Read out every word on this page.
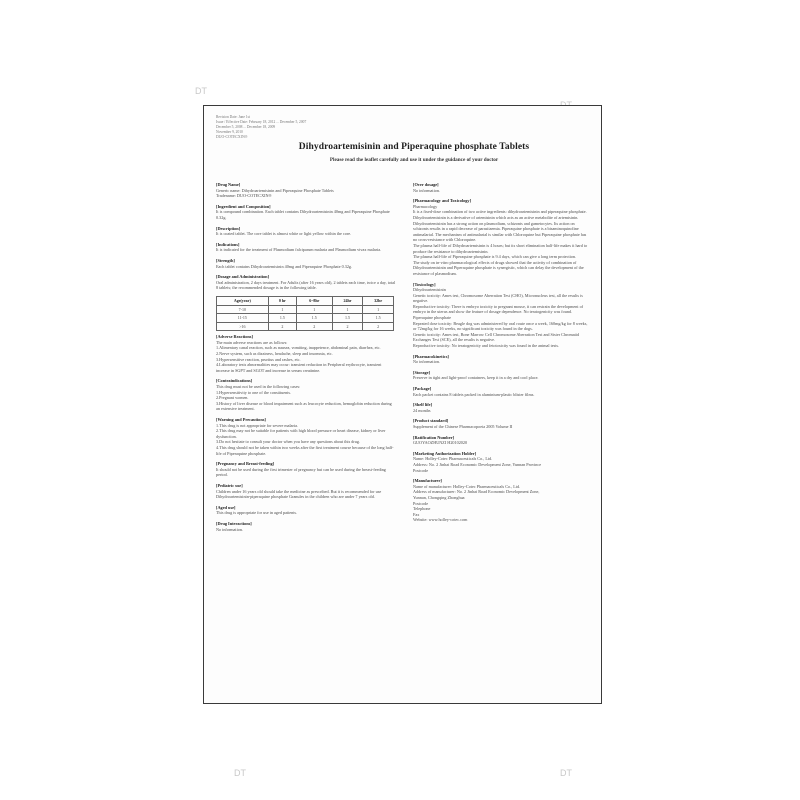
DT
DT	DT
Revision Date: June 1st
Issue / Effective Date: February 18, 2012 ... December 5, 2007
December 5, 2008 ... December 18, 2009
November 9, 2010
DUO-COTECXIN®
Dihydroartemisinin and Piperaquine phosphate Tablets
Please read the leaflet carefully and use it under the guidance of your doctor
[ Drug Name ]
Generic name: Dihydroartemisinin and Piperaquine Phosphate Tablets
Tradename: DUO-COTECXIN®
[ Ingredient and Composition ]
It is compound combination. Each tablet contains Dihydroartemisinin 40mg and Piperaquine Phosphate 0.32g.
[ Description ]
It is coated tablet. The core tablet is almost white or light yellow within the core.
[ Indications ]
It is indicated for the treatment of Plasmodium falciparum malaria and Plasmodium vivax malaria.
[ Strength ]
Each tablet contains Dihydroartemisinin 40mg and Piperaquine Phosphate 0.32g.
[ Dosage and Administration ]
Oral administration, 2 days treatment. For Adults (after 16 years old), 2 tablets each time, twice a day, total 8 tablets; the recommended dosage is in the following table.
Age(year)	0 hr	6~8hr	24hr	32hr
7-10	1	1	1	1
11-15	1.5	1.5	1.5	1.5
>16	2	2	2	2
[ Adverse Reactions ]
The main adverse reactions are as follows:
1.Alimentary canal reaction, such as nausea, vomiting, inappetence, abdominal pain, diarrhea, etc.
2.Nerve system, such as dizziness, headache, sleep and insomnia, etc.
3.Hypersensitive reaction, pruritus and rashes, etc.
4.Laboratory tests abnormalities may occur: transient reduction in Peripheral erythrocyte, transient increase in SGPT and SGOT and increase in serum creatinine.
[ Contraindications ]
This drug must not be used in the following cases:
1.Hypersensitivity to one of the constituents.
2.Pregnant women.
3.History of liver disease or blood impairment such as leucocyte reduction, hemoglobin reduction during an extensive treatment.
[ Warning and Precautions ]
1.This drug is not appropriate for severe malaria.
2.This drug may not be suitable for patients with high blood pressure or heart disease, kidney or liver dysfunction.
3.Do not hesitate to consult your doctor when you have any questions about this drug.
4.This drug should not be taken within two weeks after the first treatment course because of the long half-life of Piperaquine phosphate.
[ Pregnancy and Breast-feeding ]
It should not be used during the first trimester of pregnancy but can be used during the breast-feeding period.
[ Pediatric use ]
Children under 16 years old should take the medicine as prescribed. But it is recommended for use Dihydroartemisinin-piperaquine phosphate Granules in the children who are under 7 years old.
[ Aged use ]
This drug is appropriate for use in aged patients.
[ Drug Interactions ]
No information.
[ Over dosage ]
No information.
[ Pharmacology and Toxicology ]
Pharmacology
It is a fixed-dose combination of two active ingredients: dihydroartemisinin and piperaquine phosphate.
Dihydroartemisinin is a derivative of artemisinin which acts as an active metabolite of artemisinin. Dihydroartemisinin has a strong action on plasmodium, schizonts and gametocytes. Its action on schizonts results in a rapid decrease of parasitaemia. Piperaquine phosphate is a bisaminoquinoline antimalarial. The mechanism of antimalarial is similar with Chloroquine but Piperaquine phosphate has no cross-resistance with Chloroquine.
The plasma half-life of Dihydroartemisinin is 4 hours; but its short elimination half-life makes it hard to produce the resistance to dihydroartemisinin.
The plasma half-life of Piperaquine phosphate is 9.4 days, which can give a long term protection.
The study on in-vitro pharmacological effects of drugs showed that the activity of combination of Dihydroartemisinin and Piperaquine phosphate is synergistic, which can delay the development of the resistance of plasmodium.
[ Toxicology ]
Dihydroartemisinin
Genetic toxicity: Ames test, Chromosome Aberration Test (CHO), Micronucleus test, all the results is negative.
Reproductive toxicity: There is embryo toxicity to pregnant mouse, it can restrain the development of embryo in the uterus and show the feature of dosage dependence. No teratogenicity was found.
Piperaquine phosphate
Repeated dose toxicity: Beagle dog was administered by oral route once a week, 160mg/kg for 8 weeks, or 72mg/kg for 16 weeks, no significant toxicity was found in the dogs.
Genetic toxicity: Ames test, Bone Marrow Cell Chromosome Aberration Test and Sister Chromatid Exchanges Test (SCE), all the results is negative.
Reproductive toxicity: No teratogenicity and fetotoxicity was found in the animal tests.
[ Pharmacokinetics ]
No information.
[ Storage ]
Preserve in tight and light-proof containers, keep it in a dry and cool place.
[ Package ]
Each packet contains 8 tablets packed in aluminium-plastic blister films.
[ Shelf life ]
24 months
[ Product standard ]
Supplement of the Chinese Pharmacopoeia 2005 Volume II
[ Ratification Number ]
GUOYAOZHUNZI H20102020
[ Marketing Authorization Holder ]
Name: Holley-Cotec Pharmaceuticals Co., Ltd.
Address: No. 2 Jinhai Road Economic Development Zone, Yunnan Province
Postcode
[ Manufacturer ]
Name of manufacturer: Holley-Cotec Pharmaceuticals Co., Ltd.
Address of manufacturer: No. 2 Jinhai Road Economic Development Zone,
Yunnan, Chongqing Zhonghua
Postcode
Telephone
Fax
Website: www.holley-cotec.com
